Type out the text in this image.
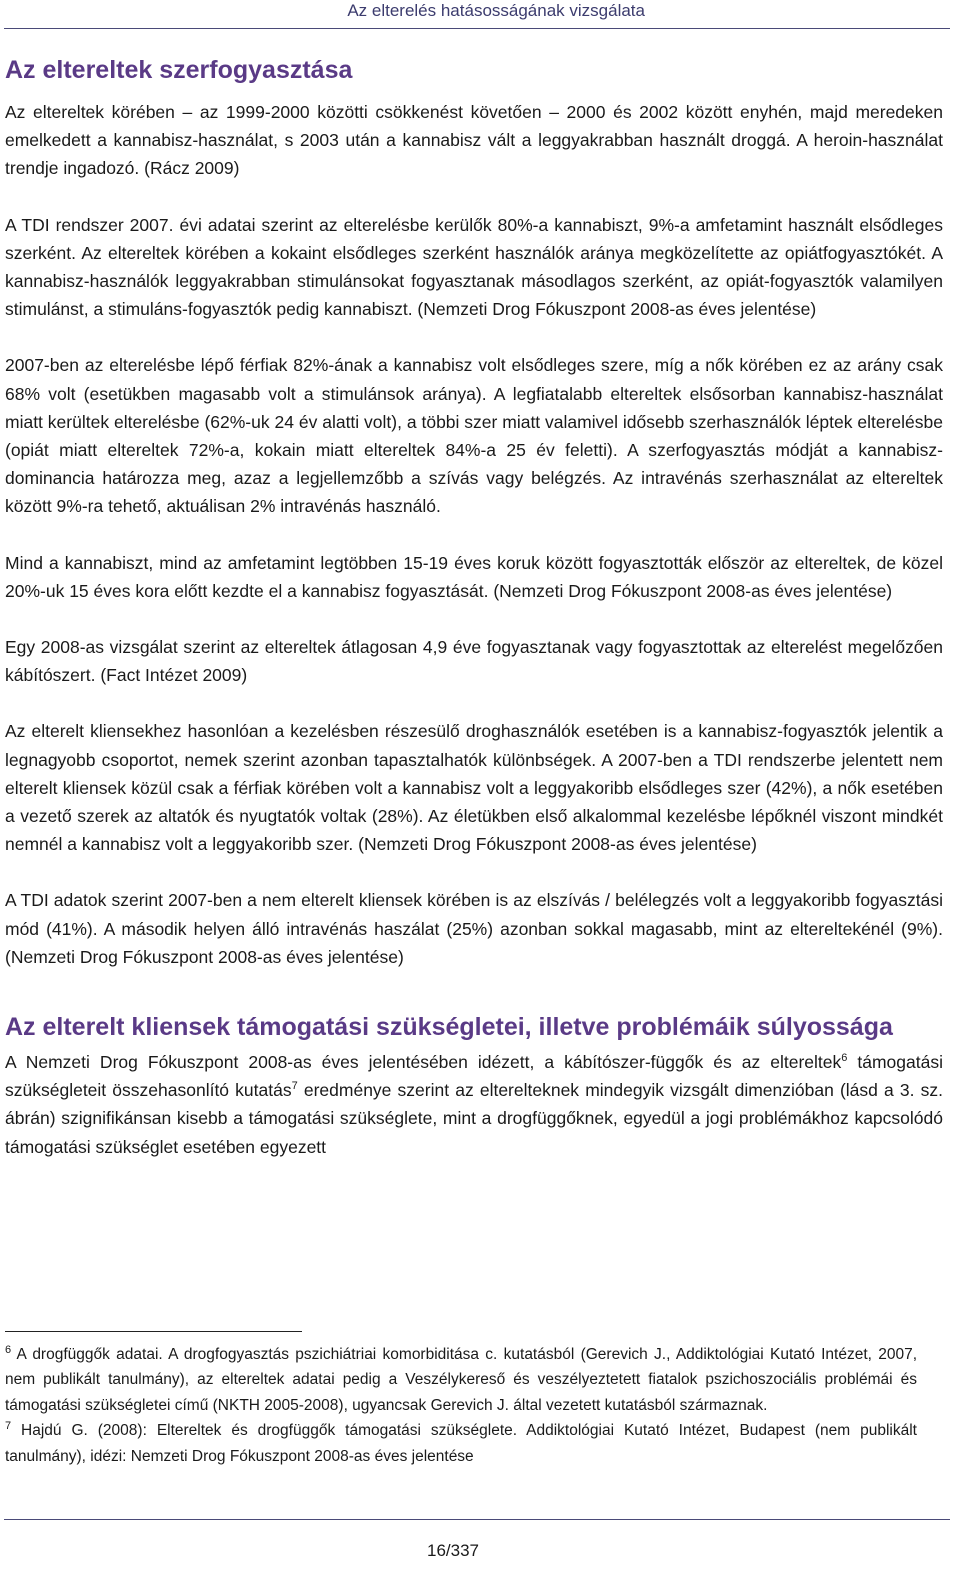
Az elterelés hatásosságának vizsgálata
Az eltereltek szerfogyasztása

Az eltereltek körében – az 1999-2000 közötti csökkenést követően – 2000 és 2002 között enyhén, majd meredeken emelkedett a kannabisz-használat, s 2003 után a kannabisz vált a leggyakrabban használt droggá. A heroin-használat trendje ingadozó. (Rácz 2009)

A TDI rendszer 2007. évi adatai szerint az elterelésbe kerülők 80%-a kannabiszt, 9%-a amfetamint használt elsődleges szerként. Az eltereltek körében a kokaint elsődleges szerként használók aránya megközelítette az opiátfogyasztókét. A kannabisz-használók leggyakrabban stimulánsokat fogyasztanak másodlagos szerként, az opiát-fogyasztók valamilyen stimulánst, a stimuláns-fogyasztók pedig kannabiszt. (Nemzeti Drog Fókuszpont 2008-as éves jelentése)

2007-ben az elterelésbe lépő férfiak 82%-ának a kannabisz volt elsődleges szere, míg a nők körében ez az arány csak 68% volt (esetükben magasabb volt a stimulánsok aránya). A legfiatalabb eltereltek elsősorban kannabisz-használat miatt kerültek elterelésbe (62%-uk 24 év alatti volt), a többi szer miatt valamivel idősebb szerhasználók léptek elterelésbe (opiát miatt eltereltek 72%-a, kokain miatt eltereltek 84%-a 25 év feletti). A szerfogyasztás módját a kannabisz-dominancia határozza meg, azaz a legjellemzőbb a szívás vagy belégzés. Az intravénás szerhasználat az eltereltek között 9%-ra tehető, aktuálisan 2% intravénás használó.

Mind a kannabiszt, mind az amfetamint legtöbben 15-19 éves koruk között fogyasztották először az eltereltek, de közel 20%-uk 15 éves kora előtt kezdte el a kannabisz fogyasztását. (Nemzeti Drog Fókuszpont 2008-as éves jelentése)

Egy 2008-as vizsgálat szerint az eltereltek átlagosan 4,9 éve fogyasztanak vagy fogyasztottak az elterelést megelőzően kábítószert. (Fact Intézet 2009)

Az elterelt kliensekhez hasonlóan a kezelésben részesülő droghasználók esetében is a kannabisz-fogyasztók jelentik a legnagyobb csoportot, nemek szerint azonban tapasztalhatók különbségek. A 2007-ben a TDI rendszerbe jelentett nem elterelt kliensek közül csak a férfiak körében volt a kannabisz volt a leggyakoribb elsődleges szer (42%), a nők esetében a vezető szerek az altatók és nyugtatók voltak (28%). Az életükben első alkalommal kezelésbe lépőknél viszont mindkét nemnél a kannabisz volt a leggyakoribb szer. (Nemzeti Drog Fókuszpont 2008-as éves jelentése)

A TDI adatok szerint 2007-ben a nem elterelt kliensek körében is az elszívás / belélegzés volt a leggyakoribb fogyasztási mód (41%). A második helyen álló intravénás haszálat (25%) azonban sokkal magasabb, mint az eltereltekénél (9%). (Nemzeti Drog Fókuszpont 2008-as éves jelentése)

Az elterelt kliensek támogatási szükségletei, illetve problémáik súlyossága

A Nemzeti Drog Fókuszpont 2008-as éves jelentésében idézett, a kábítószer-függők és az eltereltek$^6$ támogatási szükségleteit összehasonlító kutatás$^7$ eredménye szerint az elterelteknek mindegyik vizsgált dimenzióban (lásd a 3. sz. ábrán) szignifikánsan kisebb a támogatási szükséglete, mint a drogfüggőknek, egyedül a jogi problémákhoz kapcsolódó támogatási szükséglet esetében egyezett

$^6$ A drogfüggők adatai. A drogfogyasztás pszichiátriai komorbiditása c. kutatásból (Gerevich J., Addiktológiai Kutató Intézet, 2007, nem publikált tanulmány), az eltereltek adatai pedig a Veszélykereső és veszélyeztetett fiatalok pszichoszociális problémái és támogatási szükségletei című (NKTH 2005-2008), ugyancsak Gerevich J. által vezetett kutatásból származnak.

$^7$ Hajdú G. (2008): Eltereltek és drogfüggők támogatási szükséglete. Addiktológiai Kutató Intézet, Budapest (nem publikált tanulmány), idézi: Nemzeti Drog Fókuszpont 2008-as éves jelentése

16/337
